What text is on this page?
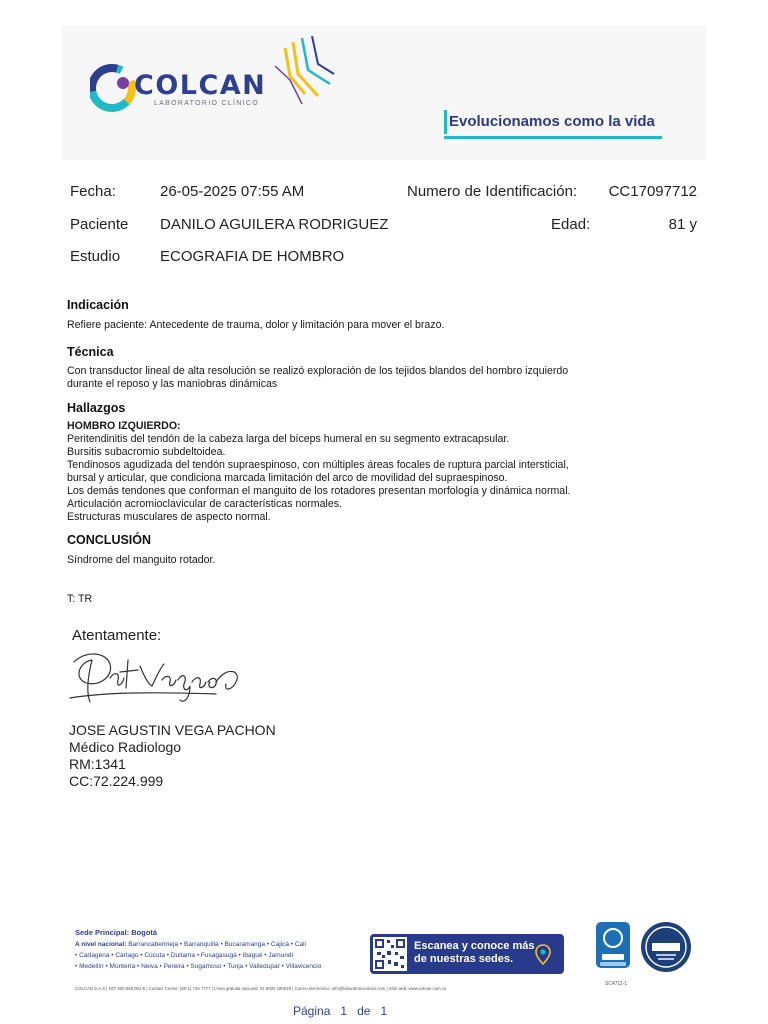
COLCAN
LABORATORIO CLÍNICO
Evolucionamos como la vida
Fecha:	26-05-2025 07:55 AM	Numero de Identificación: CC17097712
Paciente DANILO AGUILERA RODRIGUEZ	Edad:	81 y
Estudio	ECOGRAFIA DE HOMBRO
Indicación
Refiere paciente: Antecedente de trauma, dolor y limitación para mover el brazo.
Técnica
Con transductor lineal de alta resolución se realizó exploración de los tejidos blandos del hombro izquierdo
durante el reposo y las maniobras dinámicas
Hallazgos
HOMBRO IZQUIERDO:
Peritendinitis del tendón de la cabeza larga del bíceps humeral en su segmento extracapsular.
Bursitis subacromio subdeltoidea.
Tendinosos agudizada del tendón supraespinoso, con múltiples áreas focales de ruptura parcial intersticial,
bursal y articular, que condiciona marcada limitación del arco de movilidad del supraespinoso.
Los demás tendones que conforman el manguito de los rotadores presentan morfología y dinámica normal.
Articulación acromioclavicular de características normales.
Estructuras musculares de aspecto normal.
CONCLUSIÓN
Síndrome del manguito rotador.
T: TR
Atentamente:
JOSE AGUSTIN VEGA PACHON
Médico Radiologo
RM:1341
CC:72.224.999
Sede Principal: Bogotá
A nivel nacional: Barrancabermeja • Barranquilla • Bucaramanga • Cajicá • Cali
• Cartagena • Cartago • Cúcuta • Duitama • Fusagasugá • Ibagué • Jamundí
• Medellín • Montería • Neiva • Pereira • Sogamoso • Tunja • Valledupar • Villavicencio
Escanea y conoce más
de nuestras sedes.
SC4711-1
COLCAN S.A.S | NIT: 800.066.001-5 | Contact Center: (60-1) 745 7777 | Línea gratuita nacional: 01 8000 180019 | Correo electrónico: info@laboratoriocolcan.com | Sitio web: www.colcan.com.co
Página 1 de 1
